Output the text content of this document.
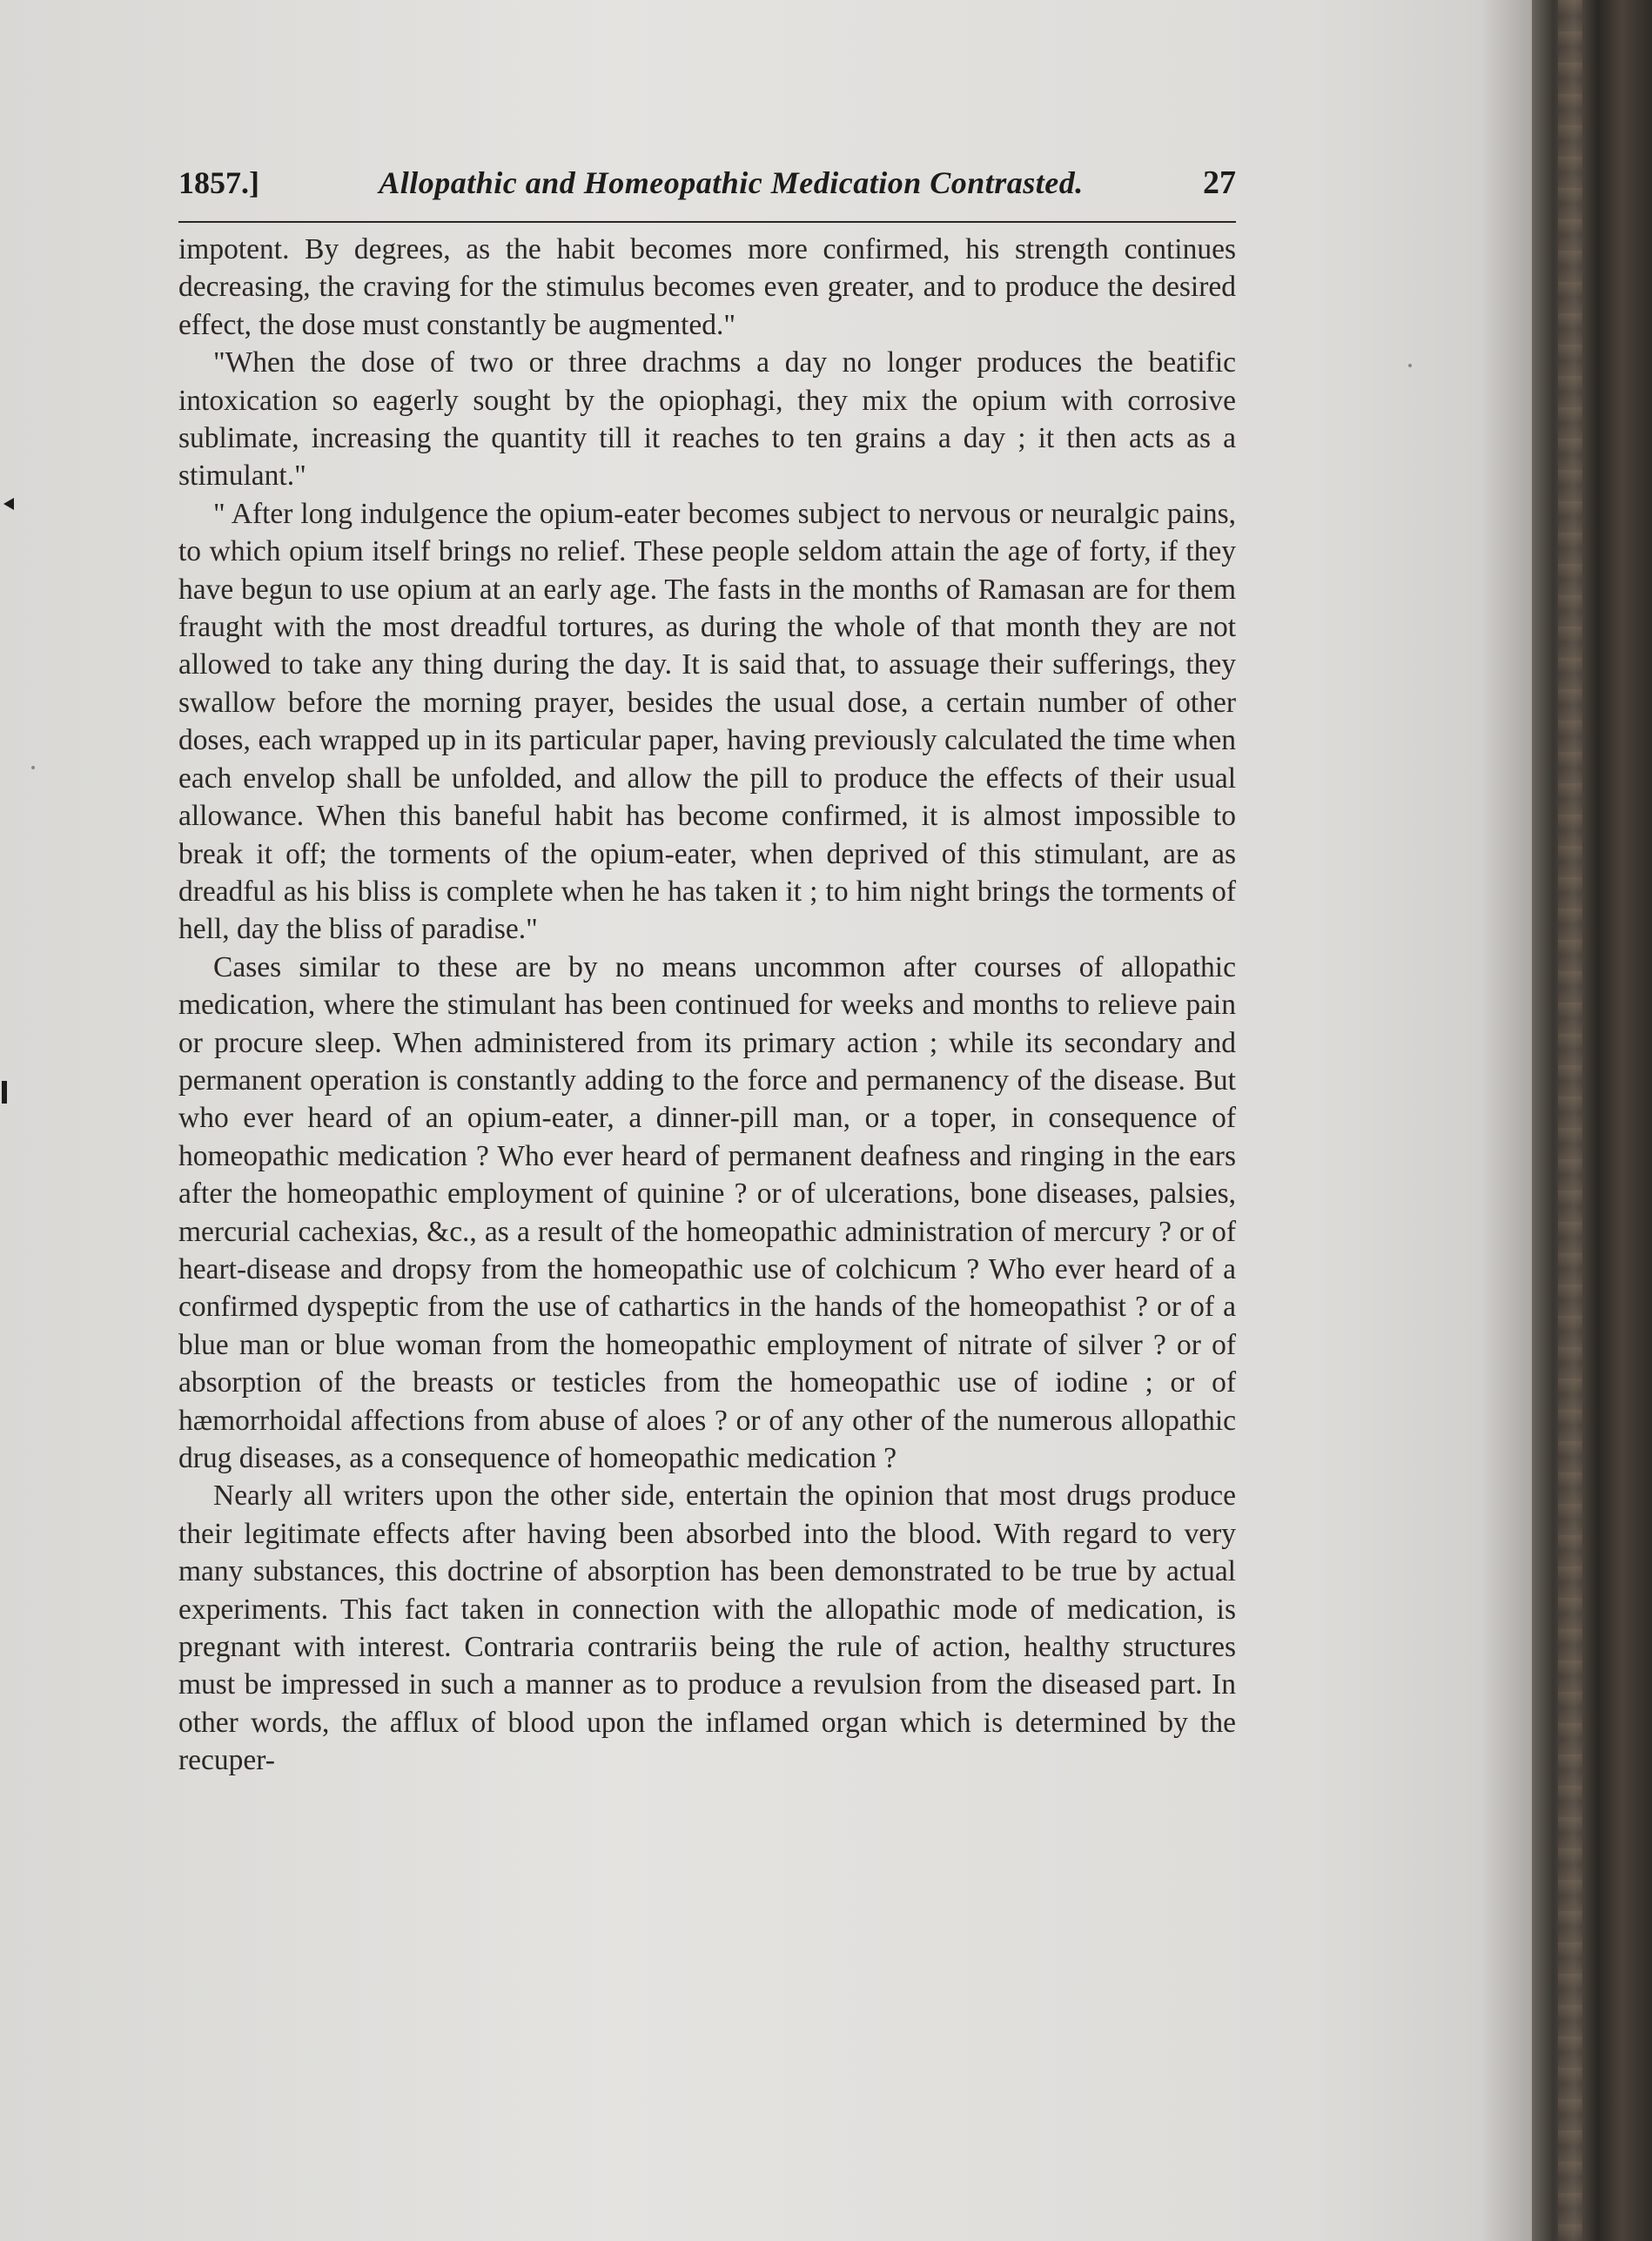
1857.]	Allopathic and Homeopathic Medication Contrasted.	27

impotent. By degrees, as the habit becomes more confirmed, his strength continues decreasing, the craving for the stimulus becomes even greater, and to produce the desired effect, the dose must constantly be augmented."

"When the dose of two or three drachms a day no longer produces the beatific intoxication so eagerly sought by the opiophagi, they mix the opium with corrosive sublimate, increasing the quantity till it reaches to ten grains a day ; it then acts as a stimulant."

" After long indulgence the opium-eater becomes subject to nervous or neuralgic pains, to which opium itself brings no relief. These people seldom attain the age of forty, if they have begun to use opium at an early age. The fasts in the months of Ramasan are for them fraught with the most dreadful tortures, as during the whole of that month they are not allowed to take any thing during the day. It is said that, to assuage their sufferings, they swallow before the morning prayer, besides the usual dose, a certain number of other doses, each wrapped up in its particular paper, having previously calculated the time when each envelop shall be unfolded, and allow the pill to produce the effects of their usual allowance. When this baneful habit has become confirmed, it is almost impossible to break it off; the torments of the opium-eater, when deprived of this stimulant, are as dreadful as his bliss is complete when he has taken it ; to him night brings the torments of hell, day the bliss of paradise."

Cases similar to these are by no means uncommon after courses of allopathic medication, where the stimulant has been continued for weeks and months to relieve pain or procure sleep. When administered from its primary action ; while its secondary and permanent operation is constantly adding to the force and permanency of the disease. But who ever heard of an opium-eater, a dinner-pill man, or a toper, in consequence of homeopathic medication ? Who ever heard of permanent deafness and ringing in the ears after the homeopathic employment of quinine ? or of ulcerations, bone diseases, palsies, mercurial cachexias, &c., as a result of the homeopathic administration of mercury ? or of heart-disease and dropsy from the homeopathic use of colchicum ? Who ever heard of a confirmed dyspeptic from the use of cathartics in the hands of the homeopathist ? or of a blue man or blue woman from the homeopathic employment of nitrate of silver ? or of absorption of the breasts or testicles from the homeopathic use of iodine ; or of hæmorrhoidal affections from abuse of aloes ? or of any other of the numerous allopathic drug diseases, as a consequence of homeopathic medication ?

Nearly all writers upon the other side, entertain the opinion that most drugs produce their legitimate effects after having been absorbed into the blood. With regard to very many substances, this doctrine of absorption has been demonstrated to be true by actual experiments. This fact taken in connection with the allopathic mode of medication, is pregnant with interest. Contraria contrariis being the rule of action, healthy structures must be impressed in such a manner as to produce a revulsion from the diseased part. In other words, the afflux of blood upon the inflamed organ which is determined by the recuper-
